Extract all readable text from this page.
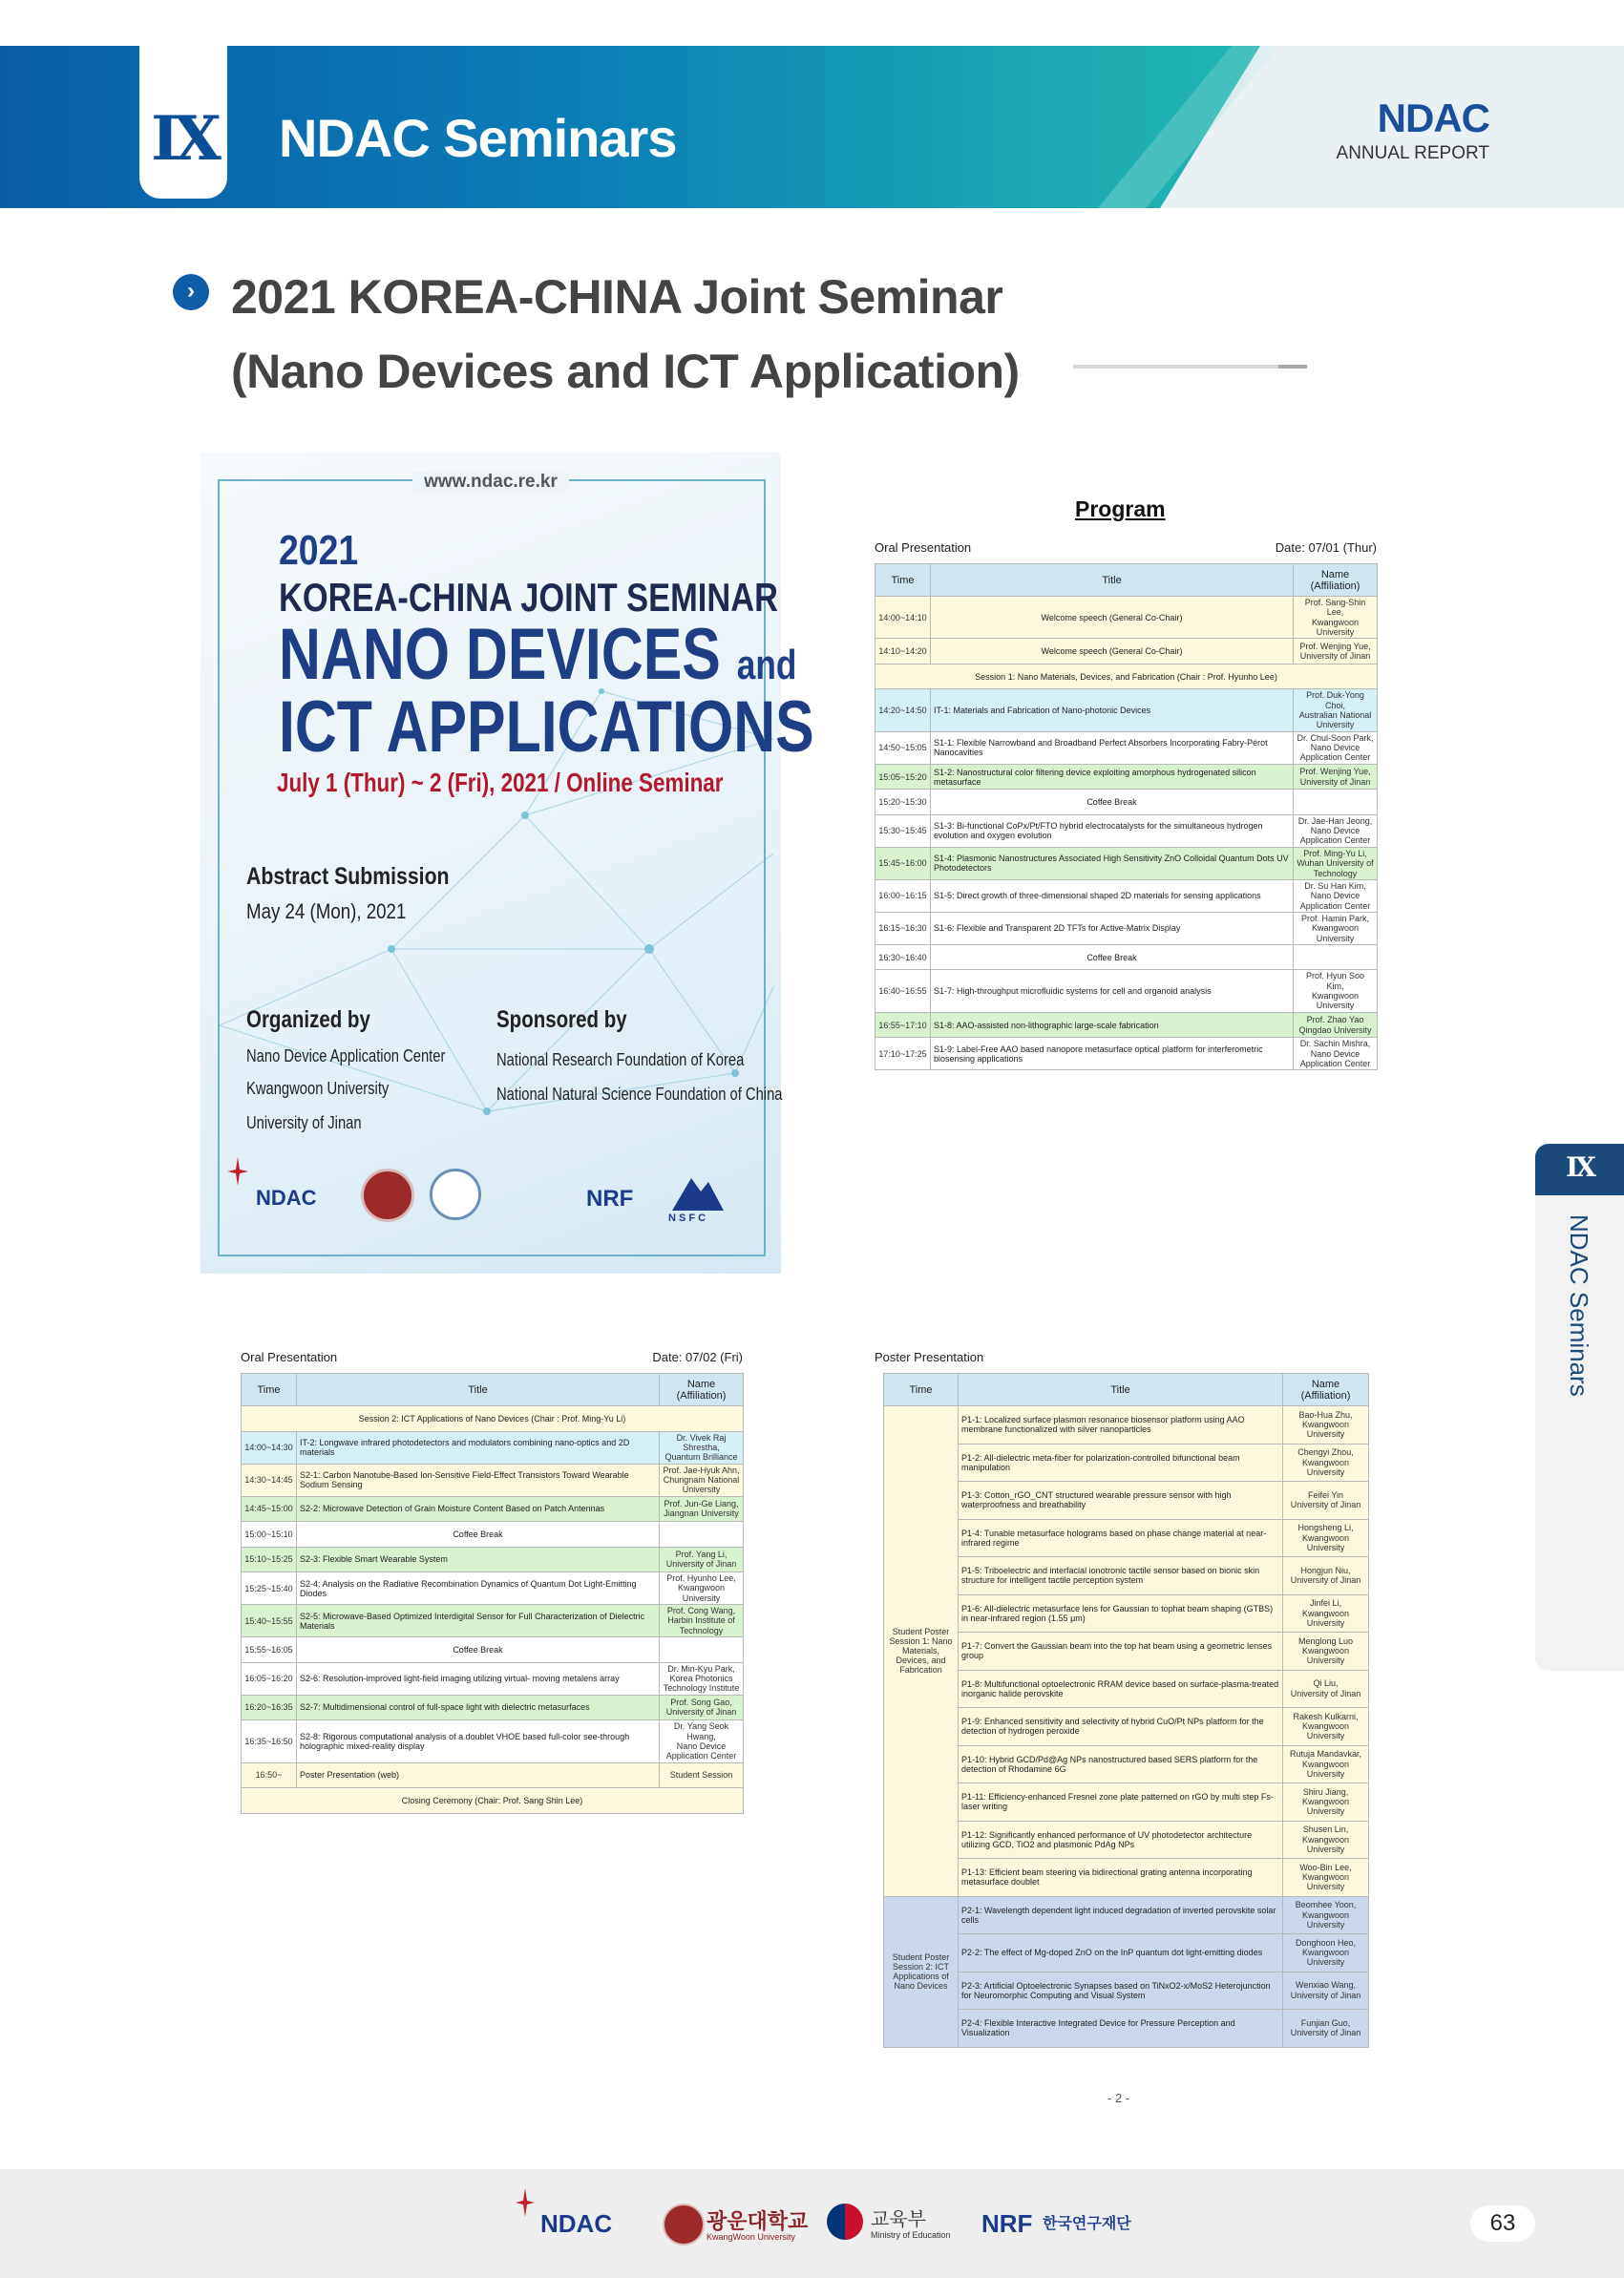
IX NDAC Seminars	NDAC
ANNUAL REPORT
› 2021 KOREA-CHINA Joint Seminar
(Nano Devices and ICT Application)
www.ndac.re.kr
2021
KOREA-CHINA JOINT SEMINAR
NANO DEVICES and
ICT APPLICATIONS
July 1 (Thur) ~ 2 (Fri), 2021 / Online Seminar
Abstract Submission
May 24 (Mon), 2021
Organized by
Nano Device Application Center
Kwangwoon University
University of Jinan
Sponsored by
National Research Foundation of Korea
National Natural Science Foundation of China
NDAC	NRF
N S F C
Program
Oral Presentation	Date: 07/01 (Thur)
Time	Title	Name
(Affiliation)

14:00~14:10	Welcome speech (General Co-Chair)	Prof. Sang-Shin Lee,
Kwangwoon University

14:10~14:20	Welcome speech (General Co-Chair)	Prof. Wenjing Yue,
University of Jinan

Session 1: Nano Materials, Devices, and Fabrication (Chair : Prof. Hyunho Lee)		
14:20~14:50	IT-1: Materials and Fabrication of Nano-photonic Devices	Prof. Duk-Yong Choi,
Australian National University

14:50~15:05	S1-1: Flexible Narrowband and Broadband Perfect Absorbers Incorporating Fabry-Pérot Nanocavities	Dr. Chul-Soon Park,
Nano Device Application Center

15:05~15:20	S1-2: Nanostructural color filtering device exploiting amorphous hydrogenated silicon metasurface	Prof. Wenjing Yue,
University of Jinan

15:20~15:30	Coffee Break	
15:30~15:45	S1-3: Bi-functional CoPx/Pt/FTO hybrid electrocatalysts for the simultaneous hydrogen evolution and oxygen evolution	Dr. Jae-Han Jeong,
Nano Device Application Center

15:45~16:00	S1-4: Plasmonic Nanostructures Associated High Sensitivity ZnO Colloidal Quantum Dots UV Photodetectors	Prof. Ming-Yu Li,
Wuhan University of Technology

16:00~16:15	S1-5: Direct growth of three-dimensional shaped 2D materials for sensing applications	Dr. Su Han Kim,
Nano Device Application Center

16:15~16:30	S1-6: Flexible and Transparent 2D TFTs for Active-Matrix Display	Prof. Hamin Park,
Kwangwoon University

16:30~16:40	Coffee Break	
16:40~16:55	S1-7: High-throughput microfluidic systems for cell and organoid analysis	Prof. Hyun Soo Kim,
Kwangwoon University

16:55~17:10	S1-8: AAO-assisted non-lithographic large-scale fabrication	Prof. Zhao Yao
Qingdao University

17:10~17:25	S1-9: Label-Free AAO based nanopore metasurface optical platform for interferometric biosensing applications	Dr. Sachin Mishra,
Nano Device Application Center
Oral Presentation	Date: 07/02 (Fri)
Time	Title	Name
(Affiliation)

Session 2: ICT Applications of Nano Devices (Chair : Prof. Ming-Yu Li)		
14:00~14:30	IT-2: Longwave infrared photodetectors and modulators combining nano-optics and 2D materials	Dr. Vivek Raj Shrestha,
Quantum Brilliance

14:30~14:45	S2-1: Carbon Nanotube-Based Ion-Sensitive Field-Effect Transistors Toward Wearable Sodium Sensing	Prof. Jae-Hyuk Ahn,
Chungnam National University

14:45~15:00	S2-2: Microwave Detection of Grain Moisture Content Based on Patch Antennas	Prof. Jun-Ge Liang,
Jiangnan University

15:00~15:10	Coffee Break	
15:10~15:25	S2-3: Flexible Smart Wearable System	Prof. Yang Li,
University of Jinan

15:25~15:40	S2-4: Analysis on the Radiative Recombination Dynamics of Quantum Dot Light-Emitting Diodes	Prof. Hyunho Lee,
Kwangwoon University

15:40~15:55	S2-5: Microwave-Based Optimized Interdigital Sensor for Full Characterization of Dielectric Materials	Prof. Cong Wang,
Harbin Institute of Technology

15:55~16:05	Coffee Break	
16:05~16:20	S2-6: Resolution-improved light-field imaging utilizing virtual- moving metalens array	Dr. Min-Kyu Park,
Korea Photonics Technology Institute

16:20~16:35	S2-7: Multidimensional control of full-space light with dielectric metasurfaces	Prof. Song Gao,
University of Jinan

16:35~16:50	S2-8: Rigorous computational analysis of a doublet VHOE based full-color see-through holographic mixed-reality display	Dr. Yang Seok Hwang,
Nano Device Application Center

16:50~	Poster Presentation (web)	Student Session

Closing Ceremony (Chair: Prof. Sang Shin Lee)		
Poster Presentation
Time	Title	Name
(Affiliation)

Student Poster Session 1: Nano Materials, Devices, and Fabrication	P1-1: Localized surface plasmon resonance biosensor platform using AAO membrane functionalized with silver nanoparticles	Bao-Hua Zhu,
Kwangwoon University

	P1-2: All-dielectric meta-fiber for polarization-controlled bifunctional beam manipulation	Chengyi Zhou,
Kwangwoon University

	P1-3: Cotton_rGO_CNT structured wearable pressure sensor with high waterproofness and breathability	Feifei Yin
University of Jinan

	P1-4: Tunable metasurface holograms based on phase change material at near-infrared regime	Hongsheng Li,
Kwangwoon University

	P1-5: Triboelectric and interfacial ionotronic tactile sensor based on bionic skin structure for intelligent tactile perception system	Hongjun Niu,
University of Jinan

	P1-6: All-dielectric metasurface lens for Gaussian to tophat beam shaping (GTBS) in near-infrared region (1.55 μm)	Jinfei Li,
Kwangwoon University

	P1-7: Convert the Gaussian beam into the top hat beam using a geometric lenses group	Menglong Luo
Kwangwoon University

	P1-8: Multifunctional optoelectronic RRAM device based on surface-plasma-treated inorganic halide perovskite	Qi Liu,
University of Jinan

	P1-9: Enhanced sensitivity and selectivity of hybrid CuO/Pt NPs platform for the detection of hydrogen peroxide	Rakesh Kulkarni,
Kwangwoon University

	P1-10: Hybrid GCD/Pd@Ag NPs nanostructured based SERS platform for the detection of Rhodamine 6G	Rutuja Mandavkar,
Kwangwoon University

	P1-11: Efficiency-enhanced Fresnel zone plate patterned on rGO by multi step Fs-laser writing	Shiru Jiang,
Kwangwoon University

	P1-12: Significantly enhanced performance of UV photodetector architecture utilizing GCD, TiO2 and plasmonic PdAg NPs	Shusen Lin,
Kwangwoon University

	P1-13: Efficient beam steering via bidirectional grating antenna incorporating metasurface doublet	Woo-Bin Lee,
Kwangwoon University

Student Poster Session 2: ICT Applications of Nano Devices	P2-1: Wavelength dependent light induced degradation of inverted perovskite solar cells	Beomhee Yoon,
Kwangwoon University

	P2-2: The effect of Mg-doped ZnO on the InP quantum dot light-emitting diodes	Donghoon Heo,
Kwangwoon University

	P2-3: Artificial Optoelectronic Synapses based on TiNxO2-x/MoS2 Heterojunction for Neuromorphic Computing and Visual System	Wenxiao Wang,
University of Jinan

	P2-4: Flexible Interactive Integrated Device for Pressure Perception and Visualization	Funjian Guo,
University of Jinan
- 2 -
IX
NDAC Seminars
NDAC	광운대학교
KwangWoon University
교육부
Ministry of Education NRF 한국연구재단	63
